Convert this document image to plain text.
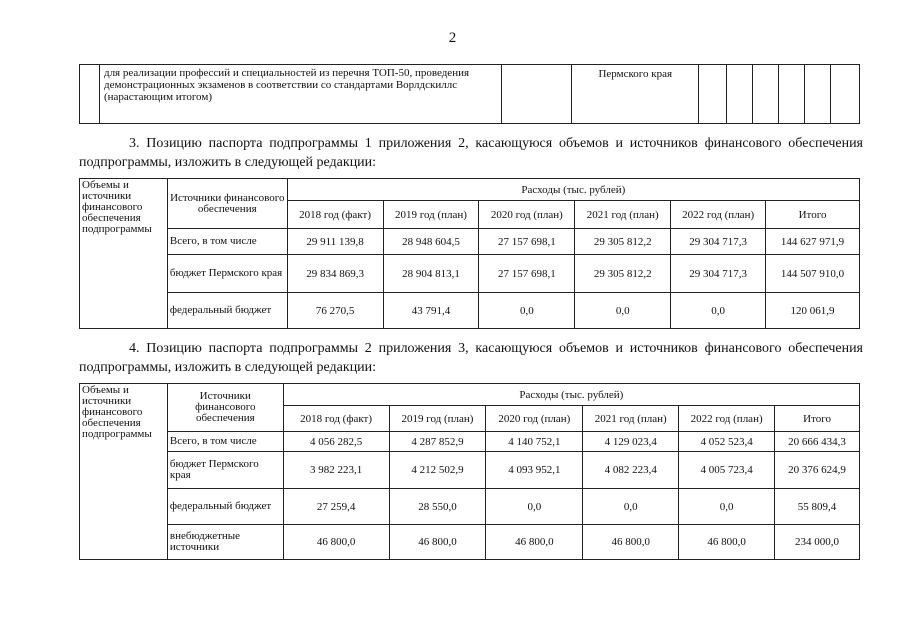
2
	для реализации профессий и специальностей из перечня ТОП-50, проведения демонстрационных экзаменов в соответствии со стандартами Ворлдскиллс (нарастающим итогом)		Пермского края						
3. Позицию паспорта подпрограммы 1 приложения 2, касающуюся объемов и источников финансового обеспечения подпрограммы, изложить в следующей редакции:
Объемы и источники финансового обеспечения подпрограммы	Источники финансового обеспечения	Расходы (тыс. рублей)					
		2018 год (факт)	2019 год (план)	2020 год (план)	2021 год (план)	2022 год (план)	Итого
	Всего, в том числе	29 911 139,8	28 948 604,5	27 157 698,1	29 305 812,2	29 304 717,3	144 627 971,9
	бюджет Пермского края	29 834 869,3	28 904 813,1	27 157 698,1	29 305 812,2	29 304 717,3	144 507 910,0
	федеральный бюджет	76 270,5	43 791,4	0,0	0,0	0,0	120 061,9
4. Позицию паспорта подпрограммы 2 приложения 3, касающуюся объемов и источников финансового обеспечения подпрограммы, изложить в следующей редакции:
Объемы и источники финансового обеспечения подпрограммы	Источники финансового обеспечения	Расходы (тыс. рублей)					
		2018 год (факт)	2019 год (план)	2020 год (план)	2021 год (план)	2022 год (план)	Итого
	Всего, в том числе	4 056 282,5	4 287 852,9	4 140 752,1	4 129 023,4	4 052 523,4	20 666 434,3
	бюджет Пермского края	3 982 223,1	4 212 502,9	4 093 952,1	4 082 223,4	4 005 723,4	20 376 624,9
	федеральный бюджет	27 259,4	28 550,0	0,0	0,0	0,0	55 809,4
	внебюджетные источники	46 800,0	46 800,0	46 800,0	46 800,0	46 800,0	234 000,0
